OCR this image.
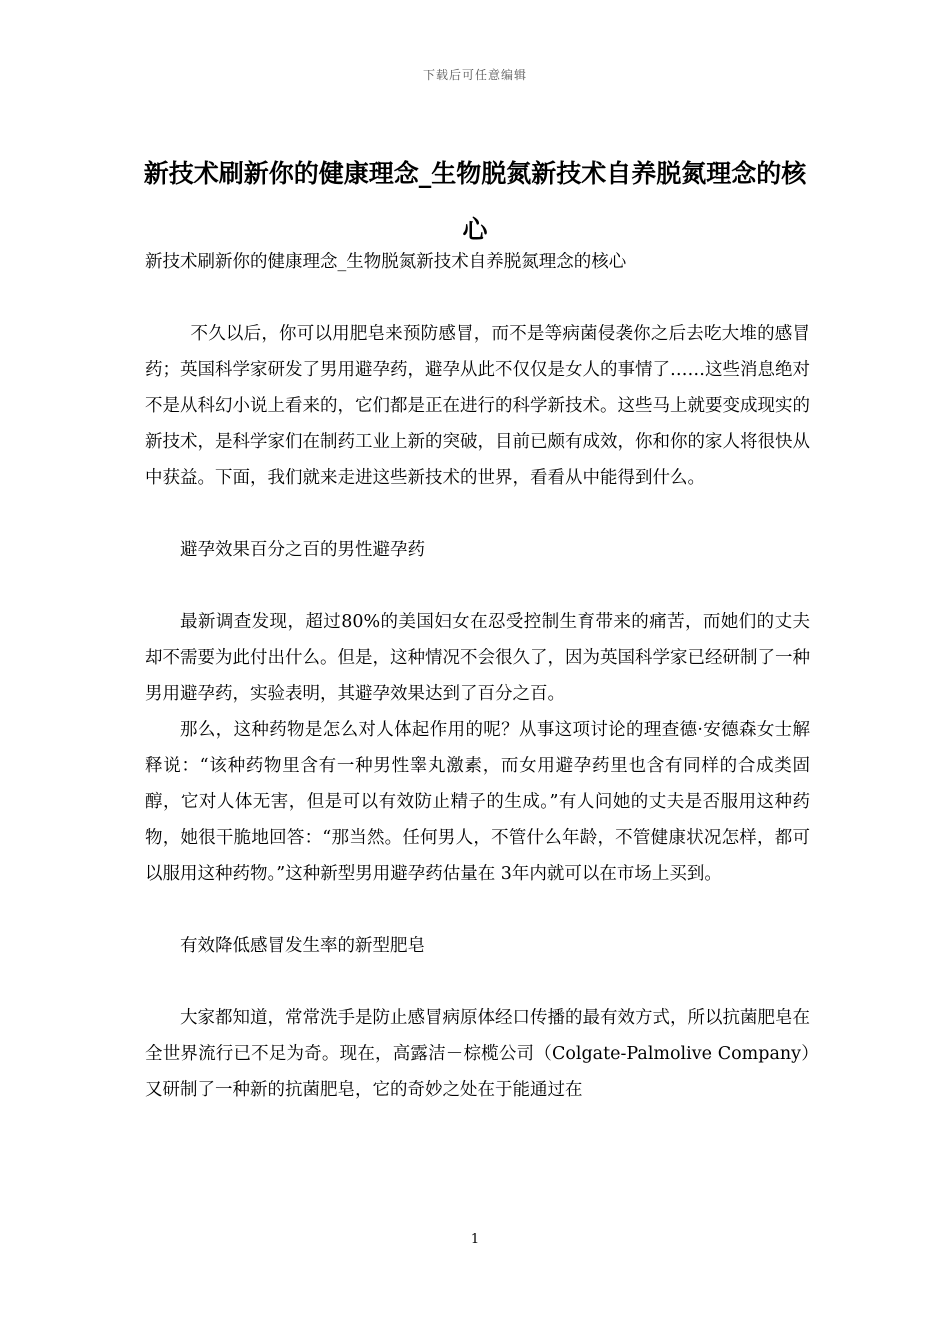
下载后可任意编辑
新技术刷新你的健康理念_生物脱氮新技术自养脱氮理念的核心

新技术刷新你的健康理念_生物脱氮新技术自养脱氮理念的核心

不久以后，你可以用肥皂来预防感冒，而不是等病菌侵袭你之后去吃大堆的感冒药；英国科学家研发了男用避孕药，避孕从此不仅仅是女人的事情了……这些消息绝对不是从科幻小说上看来的，它们都是正在进行的科学新技术。这些马上就要变成现实的新技术，是科学家们在制药工业上新的突破，目前已颇有成效，你和你的家人将很快从中获益。下面，我们就来走进这些新技术的世界，看看从中能得到什么。

避孕效果百分之百的男性避孕药

最新调查发现，超过80%的美国妇女在忍受控制生育带来的痛苦，而她们的丈夫却不需要为此付出什么。但是，这种情况不会很久了，因为英国科学家已经研制了一种男用避孕药，实验表明，其避孕效果达到了百分之百。

那么，这种药物是怎么对人体起作用的呢？从事这项讨论的理查德·安德森女士解释说：“该种药物里含有一种男性睾丸激素，而女用避孕药里也含有同样的合成类固醇，它对人体无害，但是可以有效防止精子的生成。”有人问她的丈夫是否服用这种药物，她很干脆地回答：“那当然。任何男人，不管什么年龄，不管健康状况怎样，都可以服用这种药物。”这种新型男用避孕药估量在 3年内就可以在市场上买到。

有效降低感冒发生率的新型肥皂

大家都知道，常常洗手是防止感冒病原体经口传播的最有效方式，所以抗菌肥皂在全世界流行已不足为奇。现在，高露洁－棕榄公司（Colgate-Palmolive Company）又研制了一种新的抗菌肥皂，它的奇妙之处在于能通过在

1
